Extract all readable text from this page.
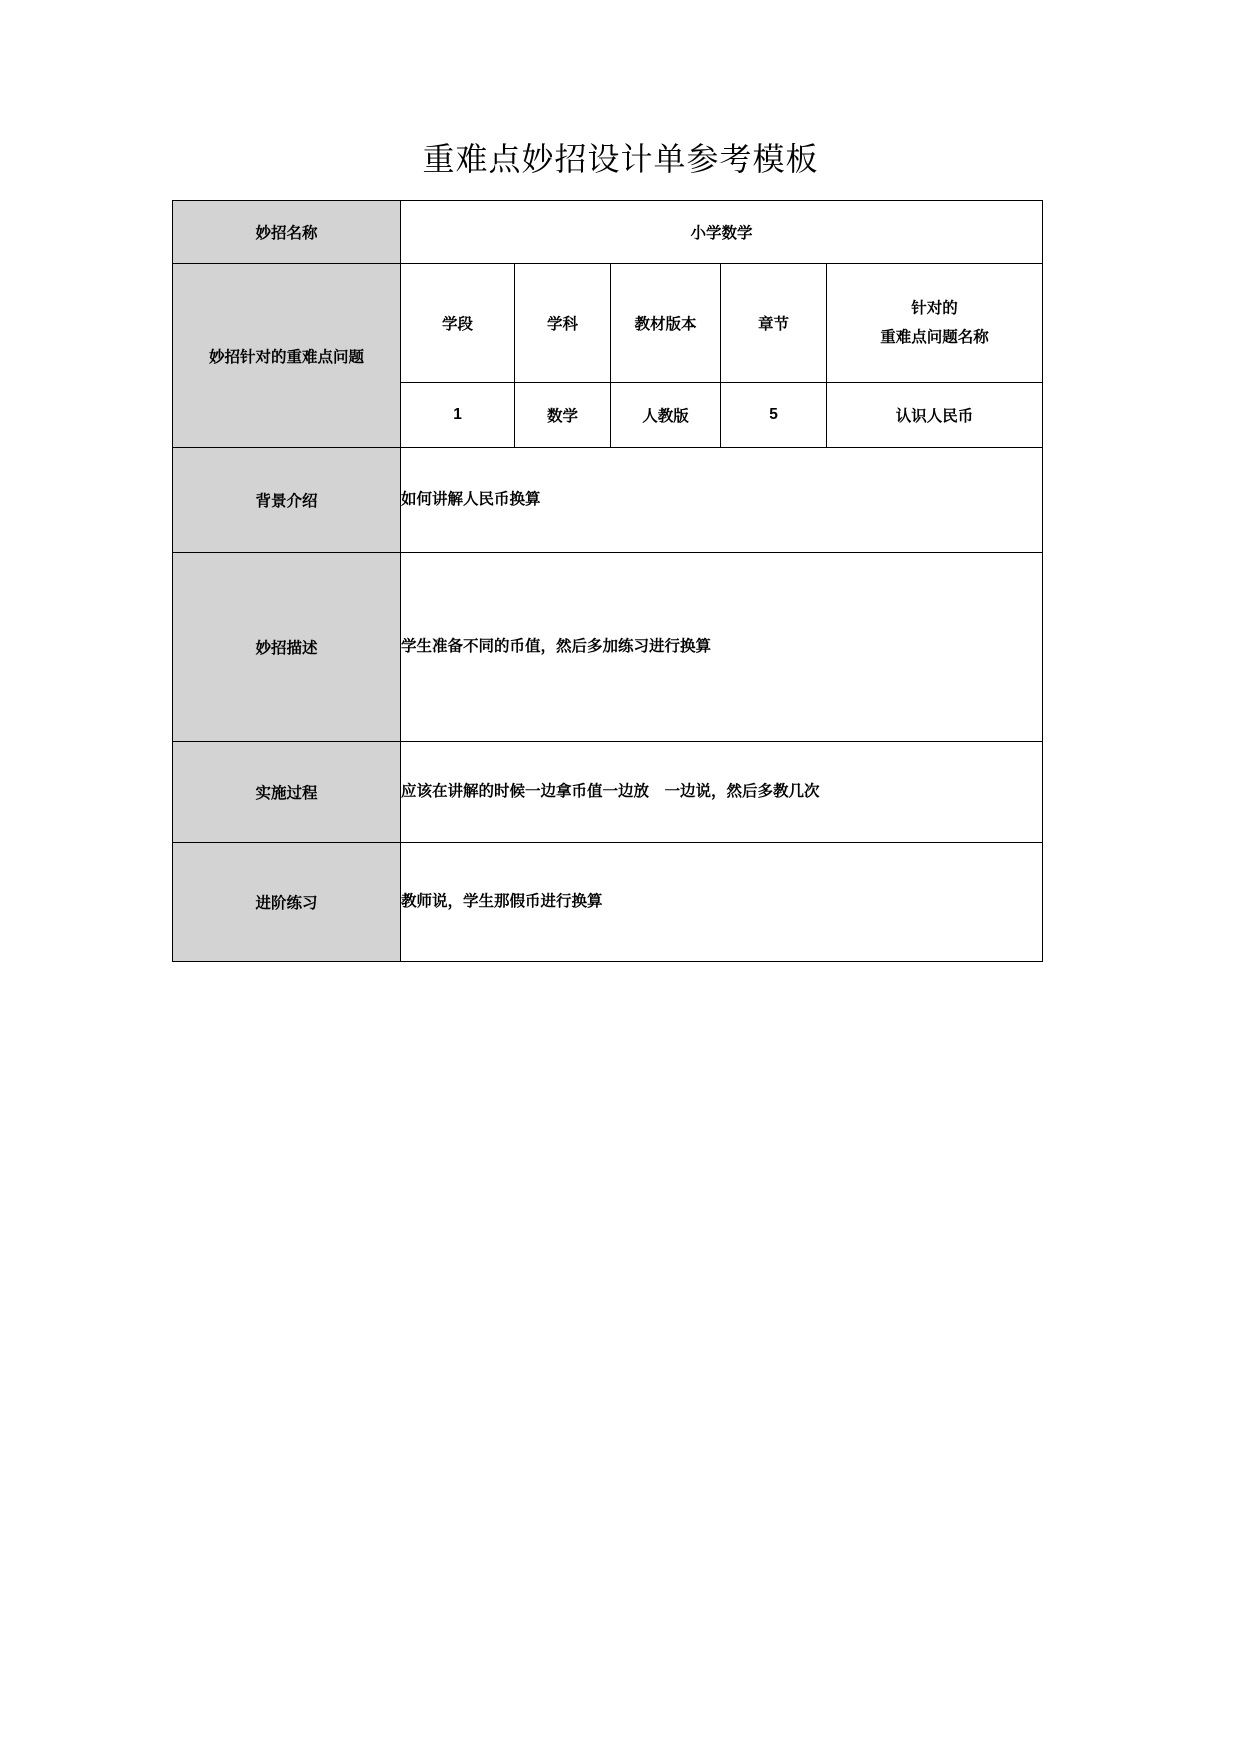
重难点妙招设计单参考模板
妙招名称	小学数学				
妙招针对的重难点问题	学段	学科	教材版本	章节	针对的
重难点问题名称

	1	数学	人教版	5	认识人民币
背景介绍	如何讲解人民币换算				
妙招描述	学生准备不同的币值，然后多加练习进行换算				
实施过程	应该在讲解的时候一边拿币值一边放　一边说，然后多教几次				
进阶练习	教师说，学生那假币进行换算				
